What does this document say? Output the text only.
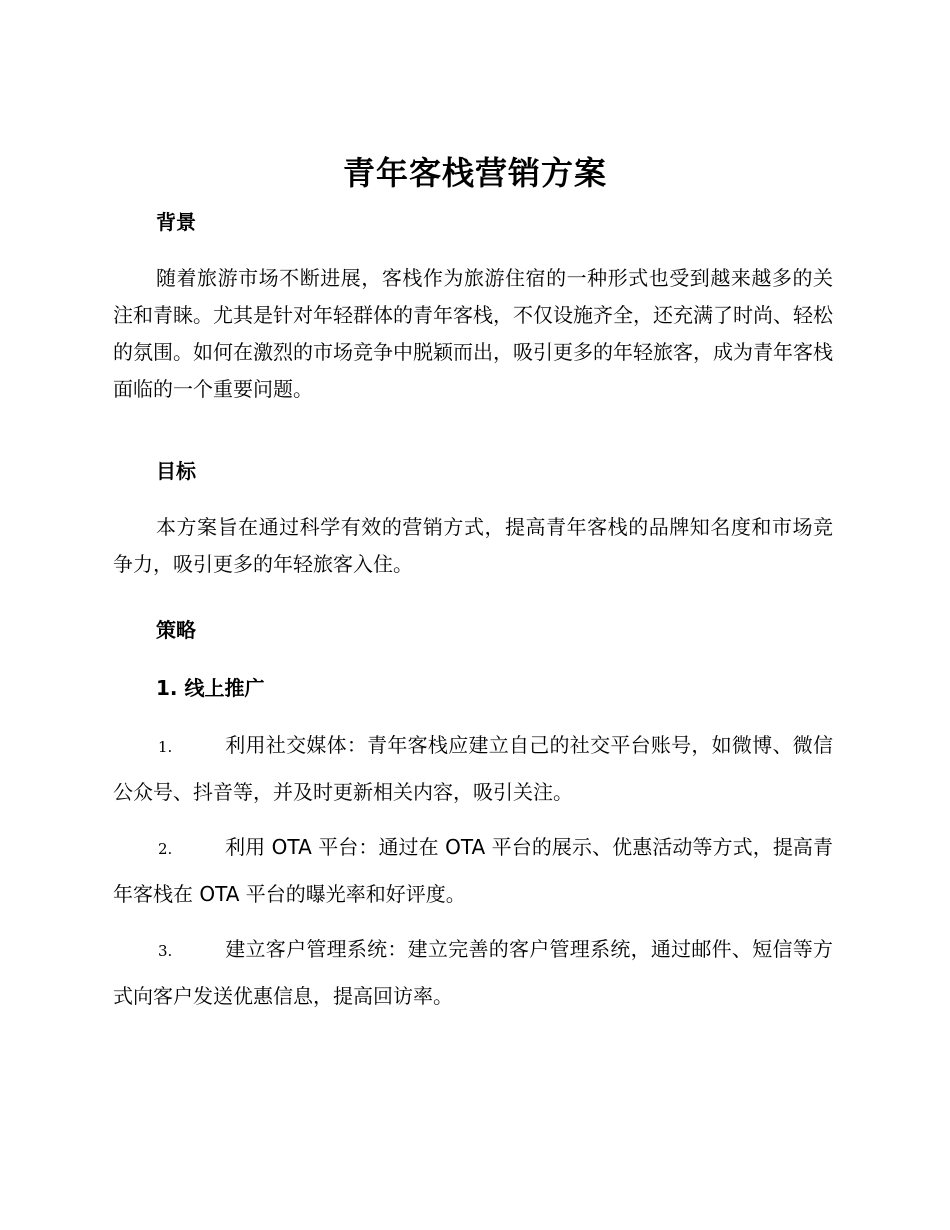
青年客栈营销方案
背景
随着旅游市场不断进展，客栈作为旅游住宿的一种形式也受到越来越多的关注和青睐。尤其是针对年轻群体的青年客栈，不仅设施齐全，还充满了时尚、轻松的氛围。如何在激烈的市场竞争中脱颖而出，吸引更多的年轻旅客，成为青年客栈面临的一个重要问题。
目标
本方案旨在通过科学有效的营销方式，提高青年客栈的品牌知名度和市场竞争力，吸引更多的年轻旅客入住。
策略
1. 线上推广
1.	利用社交媒体：青年客栈应建立自己的社交平台账号，如微博、微信公众号、抖音等，并及时更新相关内容，吸引关注。
2.	利用 OTA 平台：通过在 OTA 平台的展示、优惠活动等方式，提高青年客栈在 OTA 平台的曝光率和好评度。
3.	建立客户管理系统：建立完善的客户管理系统，通过邮件、短信等方式向客户发送优惠信息，提高回访率。
